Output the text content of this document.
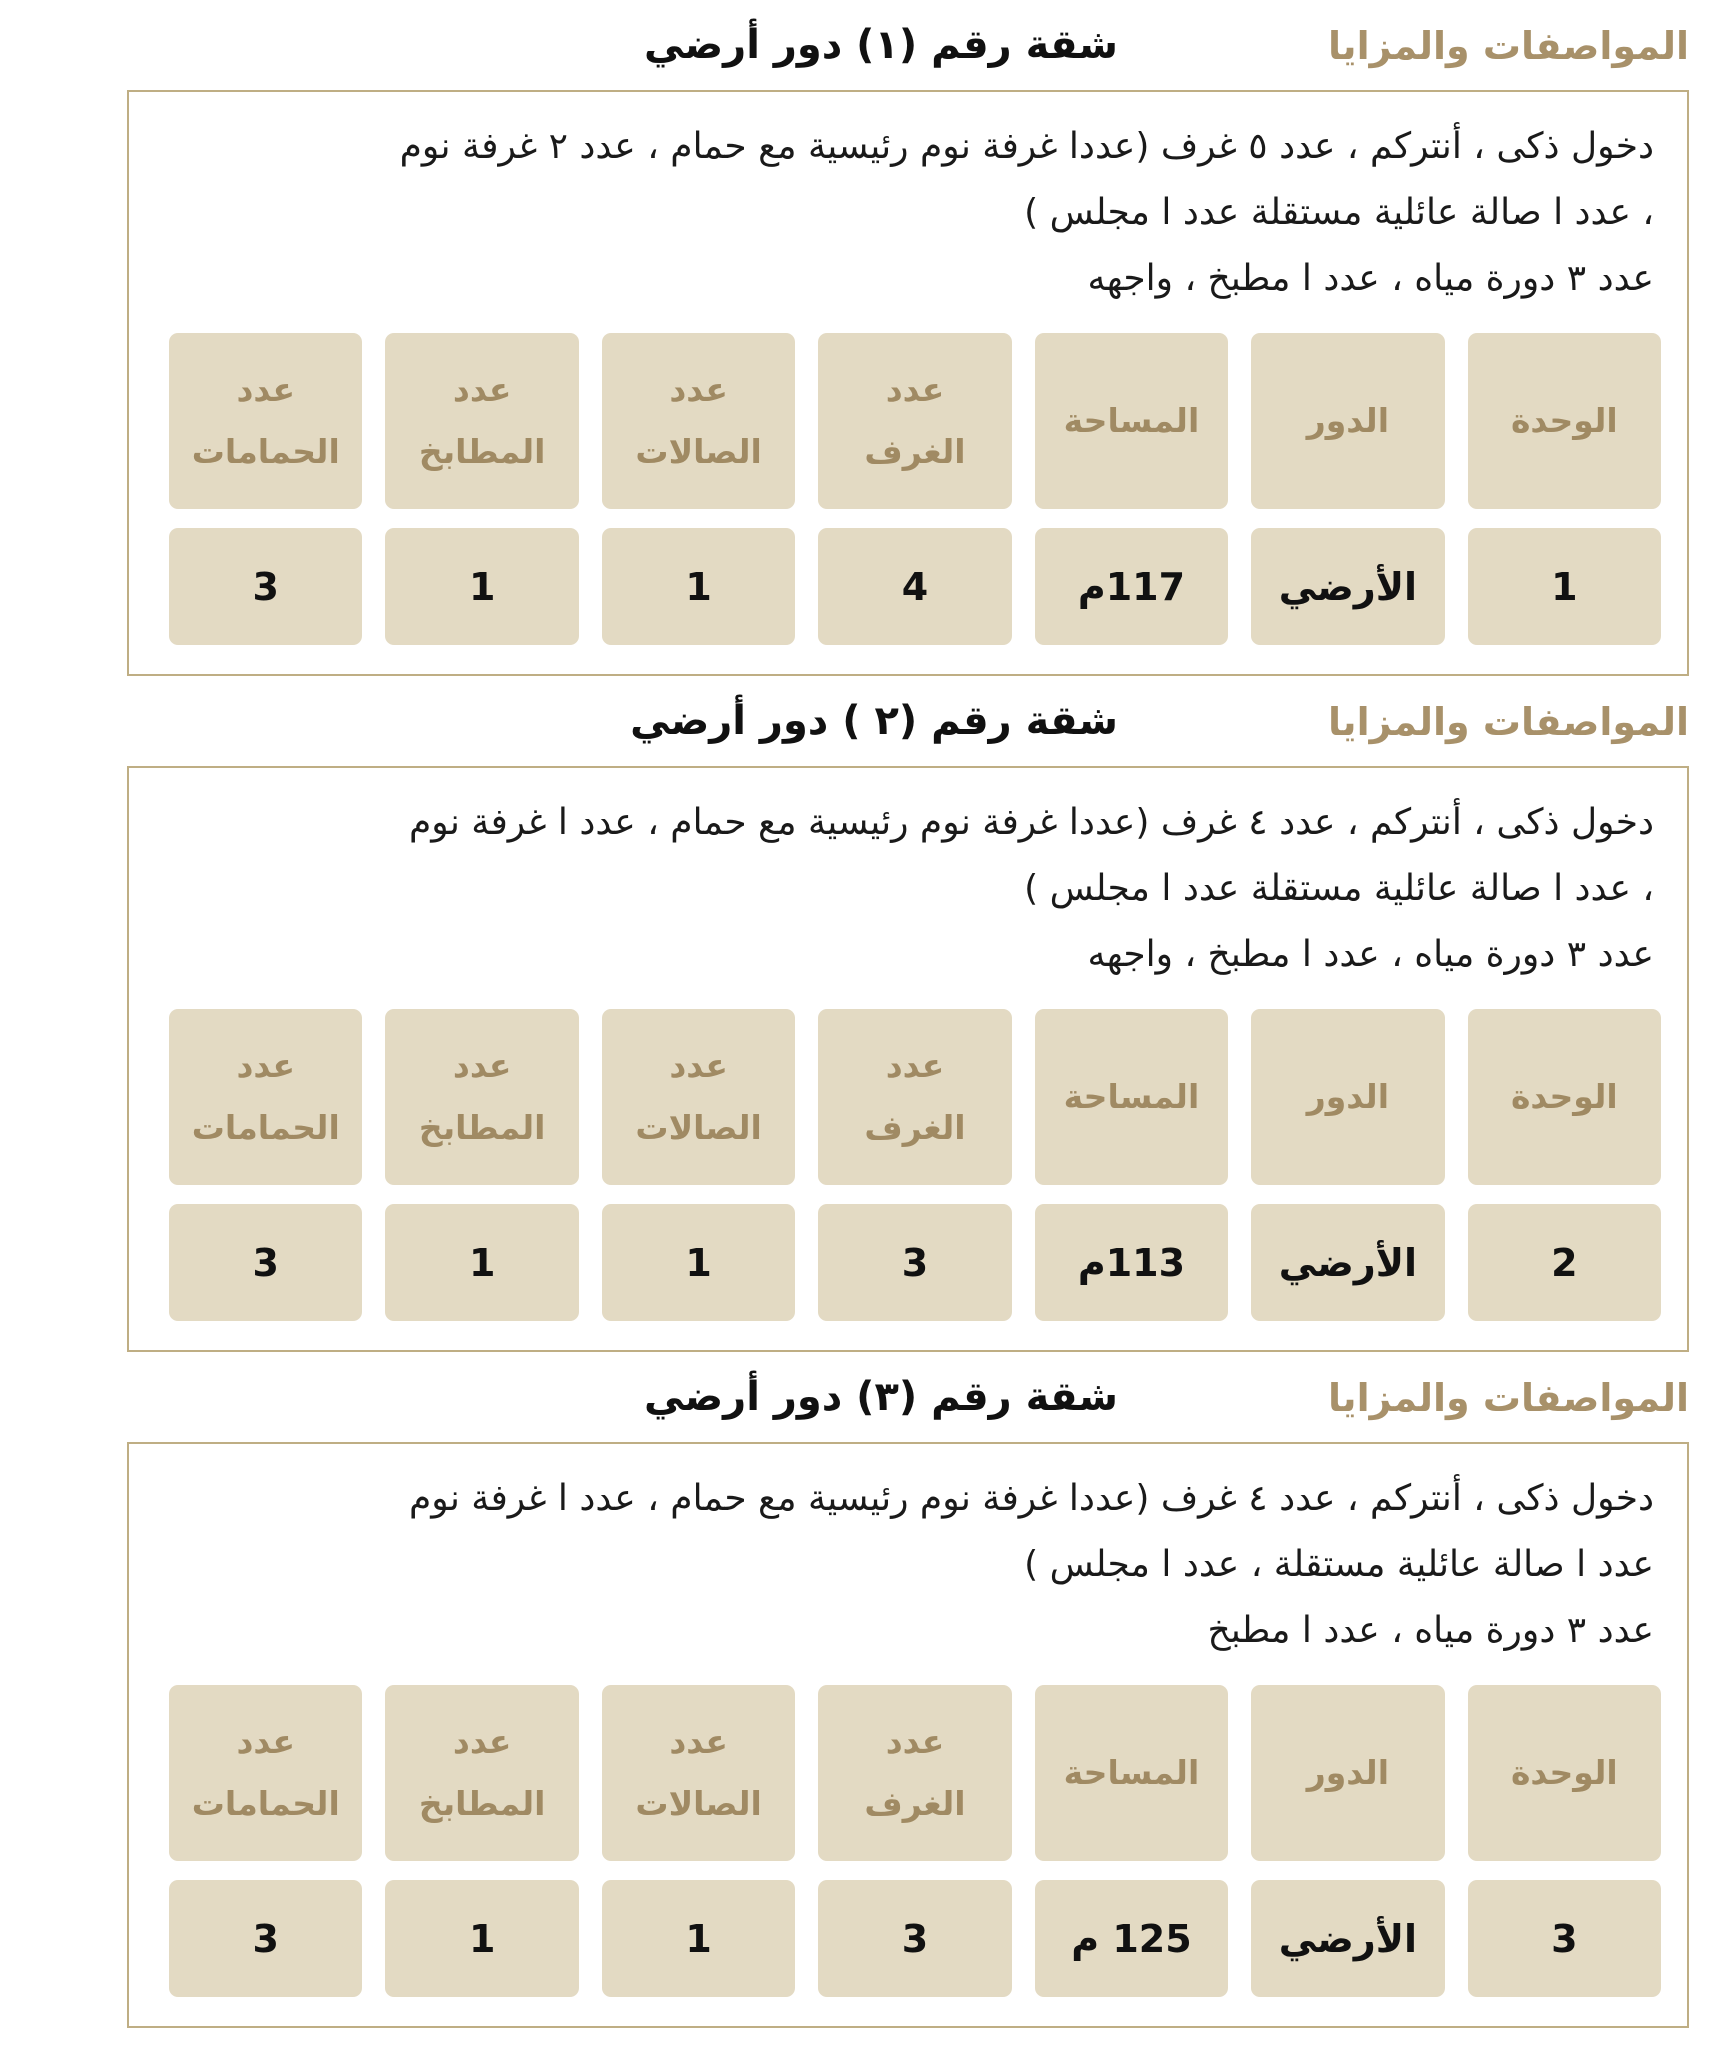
المواصفات والمزايا
شقة رقم (١) دور أرضي

دخول ذكى ، أنتركم ، عدد ٥ غرف (عددا غرفة نوم رئيسية مع حمام ، عدد ٢ غرفة نوم

، عدد ا صالة عائلية مستقلة عدد ا مجلس )

عدد ٣ دورة مياه ، عدد ا مطبخ ، واجهه

الوحدة
الدور
المساحة
عدد
الغرف
عدد
الصالات
عدد
المطابخ
عدد
الحمامات
1
الأرضي
117م
4
1
1
3
المواصفات والمزايا
شقة رقم (٢ ) دور أرضي

دخول ذكى ، أنتركم ، عدد ٤ غرف (عددا غرفة نوم رئيسية مع حمام ، عدد ا غرفة نوم

، عدد ا صالة عائلية مستقلة عدد ا مجلس )

عدد ٣ دورة مياه ، عدد ا مطبخ ، واجهه

الوحدة
الدور
المساحة
عدد
الغرف
عدد
الصالات
عدد
المطابخ
عدد
الحمامات
2
الأرضي
113م
3
1
1
3
المواصفات والمزايا
شقة رقم (٣) دور أرضي

دخول ذكى ، أنتركم ، عدد ٤ غرف (عددا غرفة نوم رئيسية مع حمام ، عدد ا غرفة نوم

عدد ا صالة عائلية مستقلة ، عدد ا مجلس )

عدد ٣ دورة مياه ، عدد ا مطبخ

الوحدة
الدور
المساحة
عدد
الغرف
عدد
الصالات
عدد
المطابخ
عدد
الحمامات
3
الأرضي
125 م
3
1
1
3
